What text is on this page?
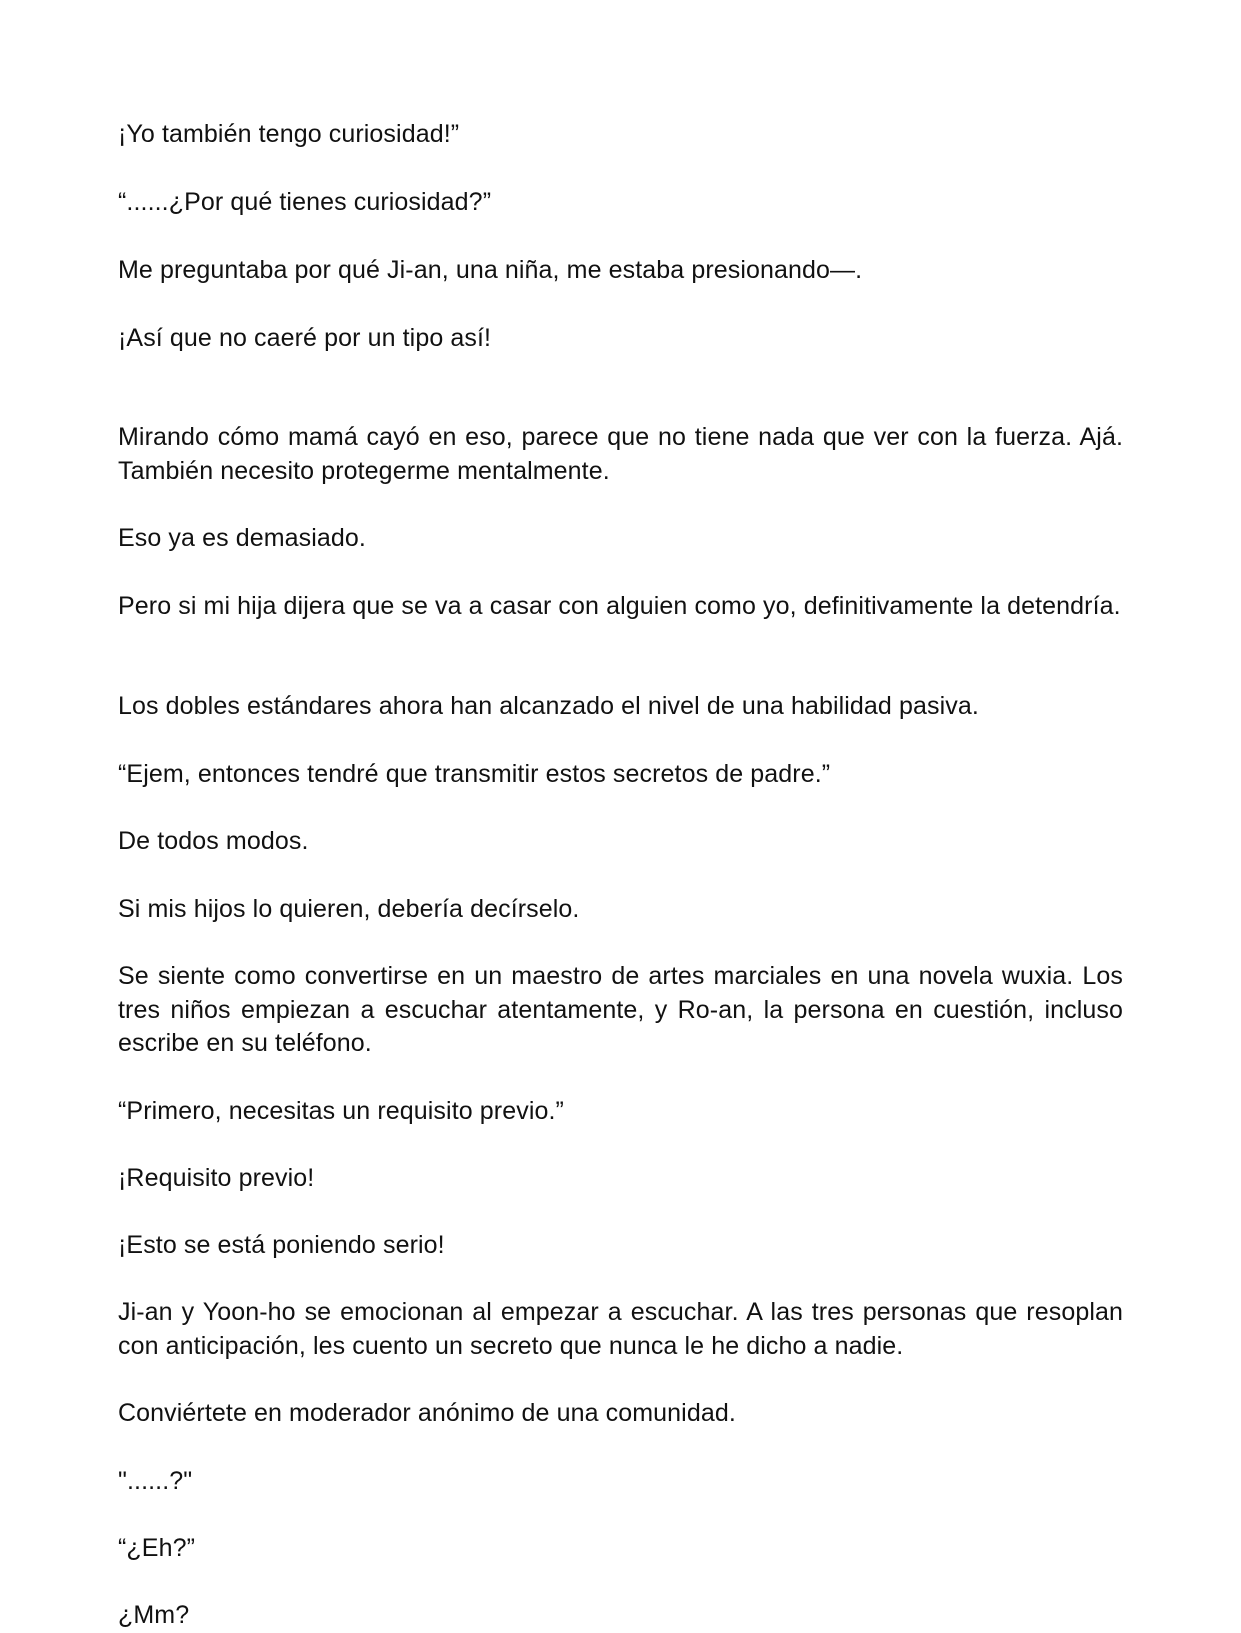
¡Yo también tengo curiosidad!”

“......¿Por qué tienes curiosidad?”

Me preguntaba por qué Ji-an, una niña, me estaba presionando—.

¡Así que no caeré por un tipo así!

Mirando cómo mamá cayó en eso, parece que no tiene nada que ver con la fuerza. Ajá. También necesito protegerme mentalmente.

Eso ya es demasiado.

Pero si mi hija dijera que se va a casar con alguien como yo, definitivamente la detendría.

Los dobles estándares ahora han alcanzado el nivel de una habilidad pasiva.

“Ejem, entonces tendré que transmitir estos secretos de padre.”

De todos modos.

Si mis hijos lo quieren, debería decírselo.

Se siente como convertirse en un maestro de artes marciales en una novela wuxia. Los tres niños empiezan a escuchar atentamente, y Ro-an, la persona en cuestión, incluso escribe en su teléfono.

“Primero, necesitas un requisito previo.”

¡Requisito previo!

¡Esto se está poniendo serio!

Ji-an y Yoon-ho se emocionan al empezar a escuchar. A las tres personas que resoplan con anticipación, les cuento un secreto que nunca le he dicho a nadie.

Conviértete en moderador anónimo de una comunidad.

"......?"

“¿Eh?”

¿Mm?
